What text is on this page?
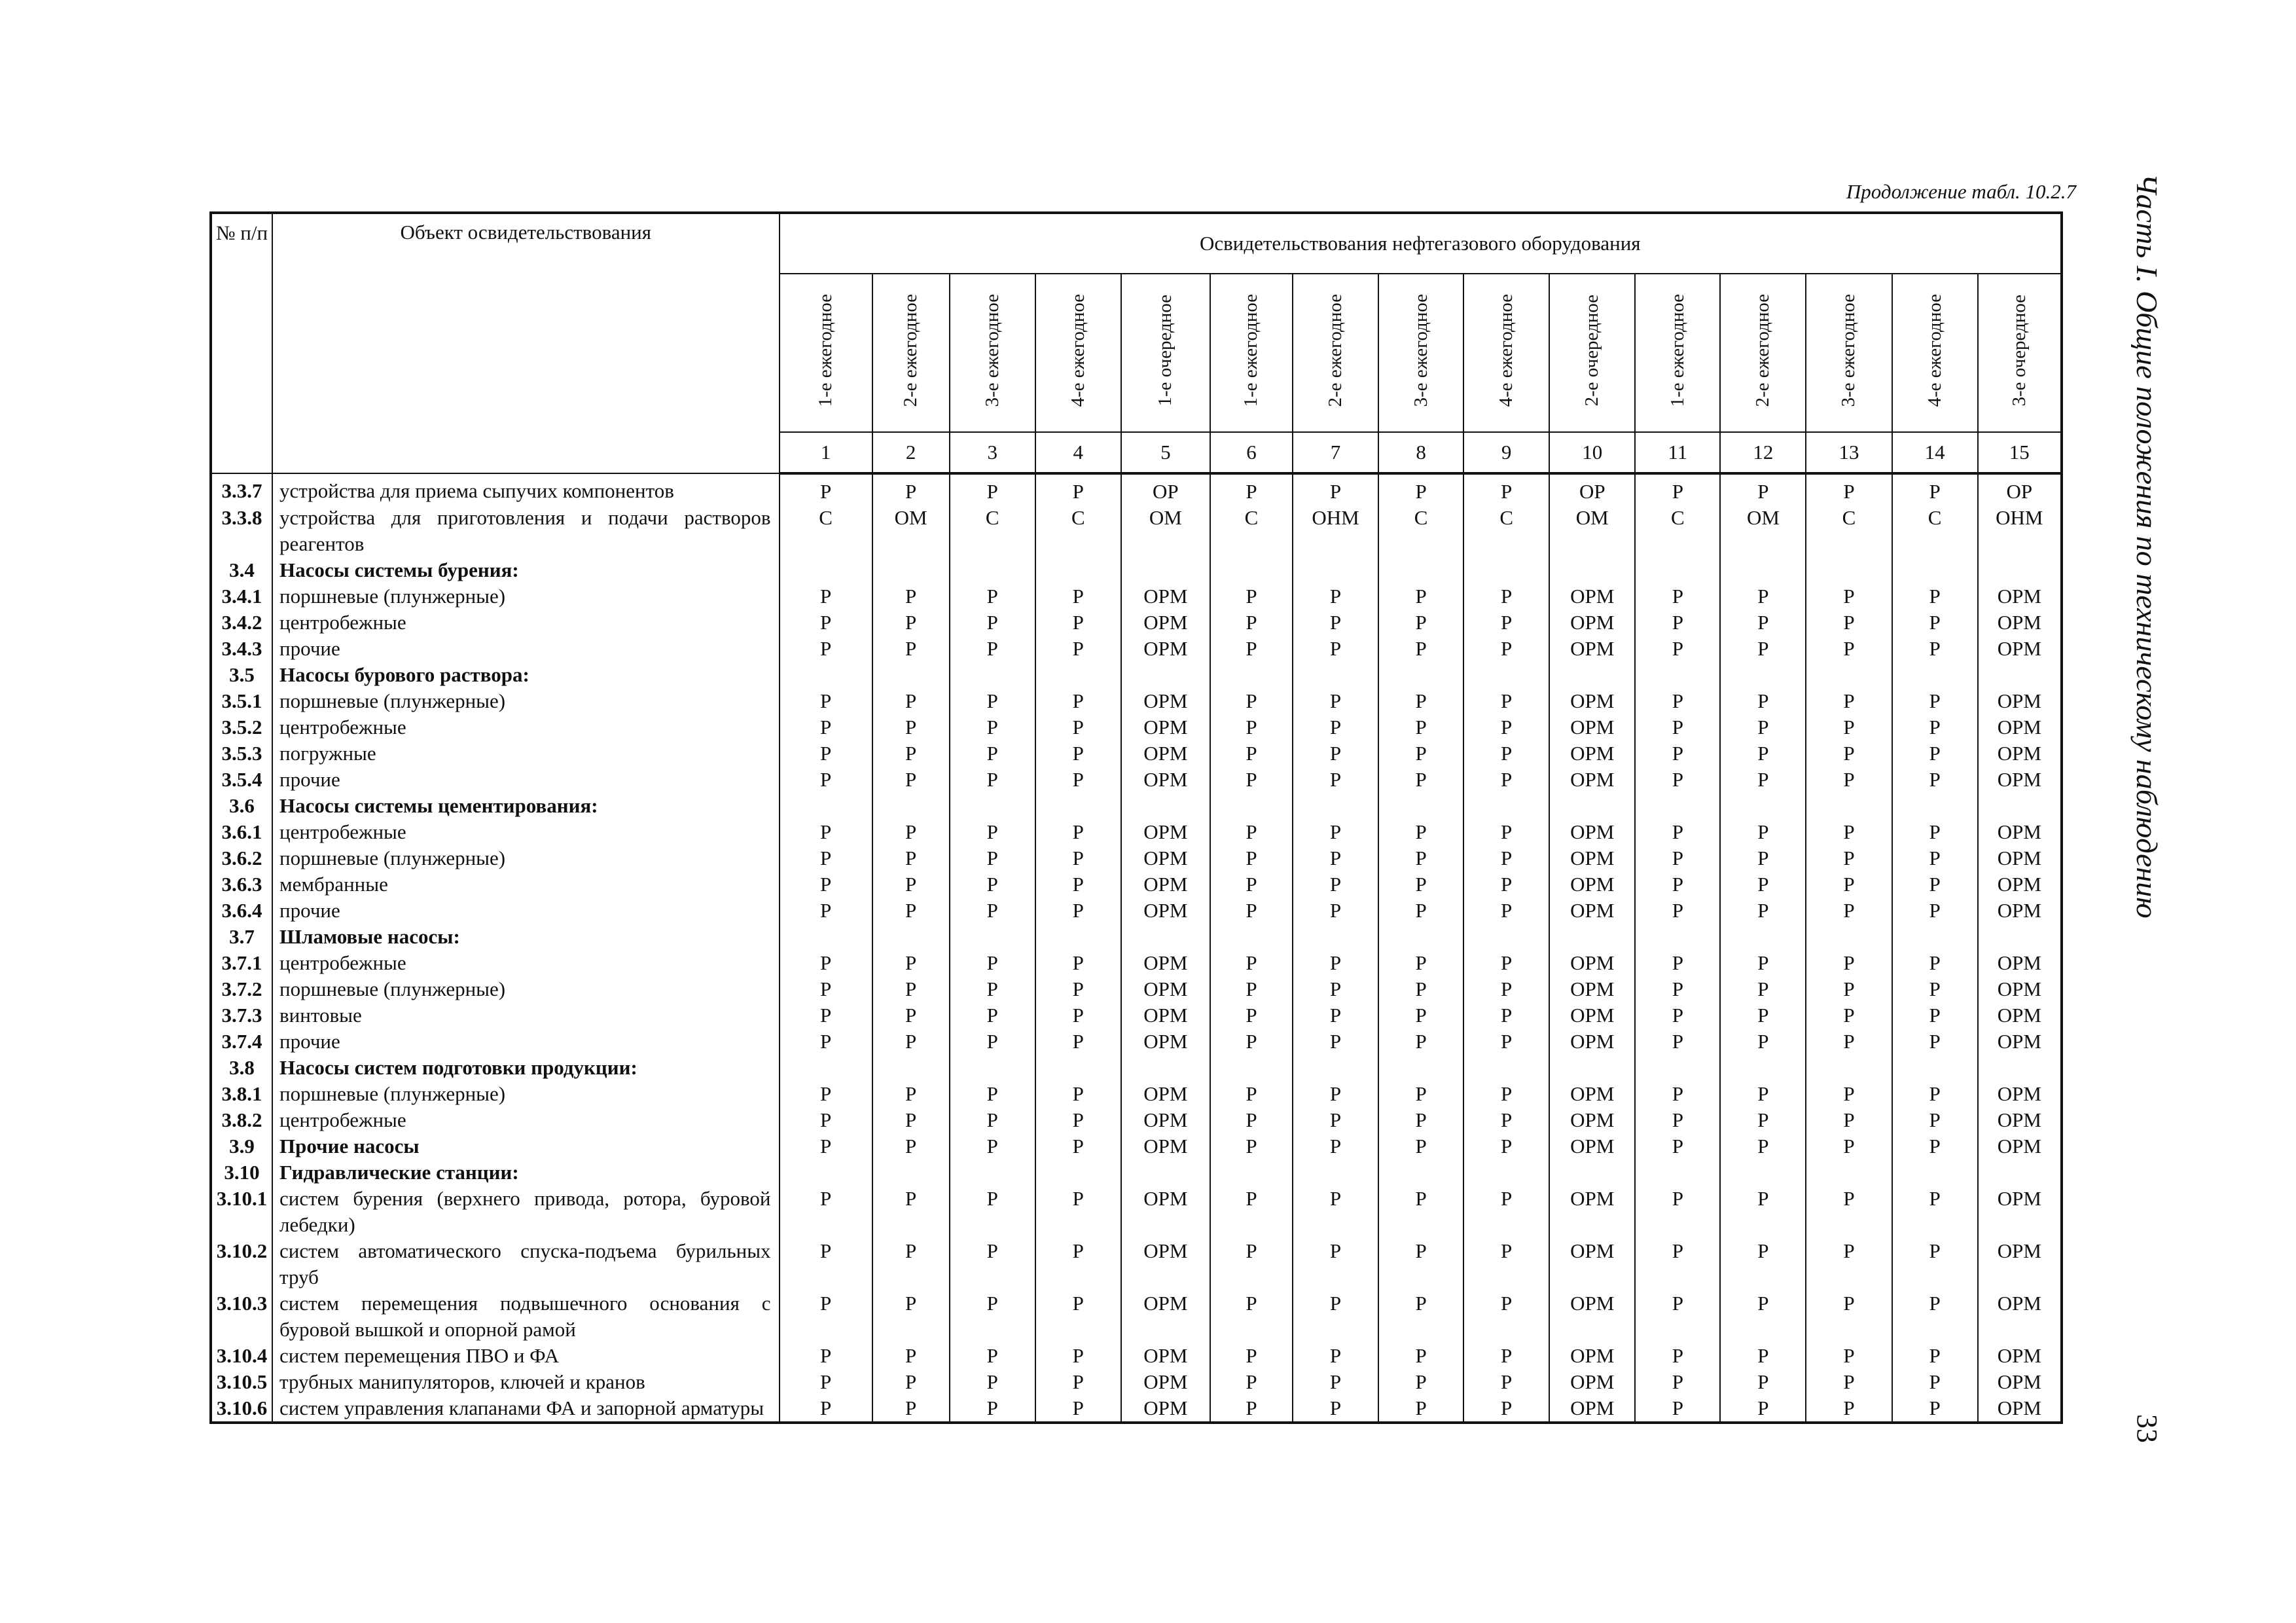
Продолжение табл. 10.2.7 Часть I. Общие положения по техническому наблюдению
33
№ п/п	Объект освидетельствования	Освидетельствования нефтегазового оборудования														
		1-е ежегодное	2-е ежегодное	3-е ежегодное	4-е ежегодное	1-е очередное	1-е ежегодное	2-е ежегодное	3-е ежегодное	4-е ежегодное	2-е очередное	1-е ежегодное	2-е ежегодное	3-е ежегодное	4-е ежегодное	3-е очередное
		1	2	3	4	5	6	7	8	9	10	11	12	13	14	15
3.3.7	устройства для приема сыпучих компонентов	Р	Р	Р	Р	ОР	Р	Р	Р	Р	ОР	Р	Р	Р	Р	ОР
3.3.8	устройства для приготовления и подачи растворов реагентов	С	ОМ	С	С	ОМ	С	ОНМ	С	С	ОМ	С	ОМ	С	С	ОНМ
3.4	Насосы системы бурения:															
3.4.1	поршневые (плунжерные)	Р	Р	Р	Р	ОРМ	Р	Р	Р	Р	ОРМ	Р	Р	Р	Р	ОРМ
3.4.2	центробежные	Р	Р	Р	Р	ОРМ	Р	Р	Р	Р	ОРМ	Р	Р	Р	Р	ОРМ
3.4.3	прочие	Р	Р	Р	Р	ОРМ	Р	Р	Р	Р	ОРМ	Р	Р	Р	Р	ОРМ
3.5	Насосы бурового раствора:															
3.5.1	поршневые (плунжерные)	Р	Р	Р	Р	ОРМ	Р	Р	Р	Р	ОРМ	Р	Р	Р	Р	ОРМ
3.5.2	центробежные	Р	Р	Р	Р	ОРМ	Р	Р	Р	Р	ОРМ	Р	Р	Р	Р	ОРМ
3.5.3	погружные	Р	Р	Р	Р	ОРМ	Р	Р	Р	Р	ОРМ	Р	Р	Р	Р	ОРМ
3.5.4	прочие	Р	Р	Р	Р	ОРМ	Р	Р	Р	Р	ОРМ	Р	Р	Р	Р	ОРМ
3.6	Насосы системы цементирования:															
3.6.1	центробежные	Р	Р	Р	Р	ОРМ	Р	Р	Р	Р	ОРМ	Р	Р	Р	Р	ОРМ
3.6.2	поршневые (плунжерные)	Р	Р	Р	Р	ОРМ	Р	Р	Р	Р	ОРМ	Р	Р	Р	Р	ОРМ
3.6.3	мембранные	Р	Р	Р	Р	ОРМ	Р	Р	Р	Р	ОРМ	Р	Р	Р	Р	ОРМ
3.6.4	прочие	Р	Р	Р	Р	ОРМ	Р	Р	Р	Р	ОРМ	Р	Р	Р	Р	ОРМ
3.7	Шламовые насосы:															
3.7.1	центробежные	Р	Р	Р	Р	ОРМ	Р	Р	Р	Р	ОРМ	Р	Р	Р	Р	ОРМ
3.7.2	поршневые (плунжерные)	Р	Р	Р	Р	ОРМ	Р	Р	Р	Р	ОРМ	Р	Р	Р	Р	ОРМ
3.7.3	винтовые	Р	Р	Р	Р	ОРМ	Р	Р	Р	Р	ОРМ	Р	Р	Р	Р	ОРМ
3.7.4	прочие	Р	Р	Р	Р	ОРМ	Р	Р	Р	Р	ОРМ	Р	Р	Р	Р	ОРМ
3.8	Насосы систем подготовки продукции:															
3.8.1	поршневые (плунжерные)	Р	Р	Р	Р	ОРМ	Р	Р	Р	Р	ОРМ	Р	Р	Р	Р	ОРМ
3.8.2	центробежные	Р	Р	Р	Р	ОРМ	Р	Р	Р	Р	ОРМ	Р	Р	Р	Р	ОРМ
3.9	Прочие насосы	Р	Р	Р	Р	ОРМ	Р	Р	Р	Р	ОРМ	Р	Р	Р	Р	ОРМ
3.10	Гидравлические станции:															
3.10.1	систем бурения (верхнего привода, ротора, буровой лебедки)	Р	Р	Р	Р	ОРМ	Р	Р	Р	Р	ОРМ	Р	Р	Р	Р	ОРМ
3.10.2	систем автоматического спуска-подъема бурильных труб	Р	Р	Р	Р	ОРМ	Р	Р	Р	Р	ОРМ	Р	Р	Р	Р	ОРМ
3.10.3	систем перемещения подвышечного основания с буровой вышкой и опорной рамой	Р	Р	Р	Р	ОРМ	Р	Р	Р	Р	ОРМ	Р	Р	Р	Р	ОРМ
3.10.4	систем перемещения ПВО и ФА	Р	Р	Р	Р	ОРМ	Р	Р	Р	Р	ОРМ	Р	Р	Р	Р	ОРМ
3.10.5	трубных манипуляторов, ключей и кранов	Р	Р	Р	Р	ОРМ	Р	Р	Р	Р	ОРМ	Р	Р	Р	Р	ОРМ
3.10.6	систем управления клапанами ФА и запорной арматуры	Р	Р	Р	Р	ОРМ	Р	Р	Р	Р	ОРМ	Р	Р	Р	Р	ОРМ
